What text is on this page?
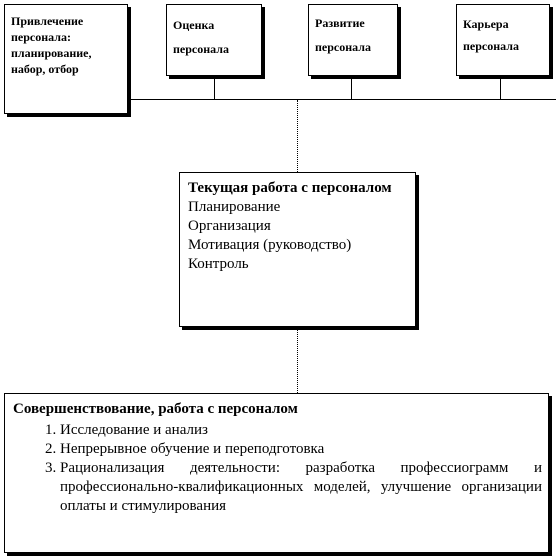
Привлечение персонала: планирование, набор, отбор
Оценка персонала
Развитие персонала
Карьера персонала
Текущая работа с персоналом
Планирование
Организация
Мотивация (руководство)
Контроль
Совершенствование, работа с персоналом
1. Исследование и анализ
2. Непрерывное обучение и переподготовка
3. Рационализация деятельности: разработка профессиограмм и профессионально-квалификационных моделей, улучшение организации оплаты и стимулирования
